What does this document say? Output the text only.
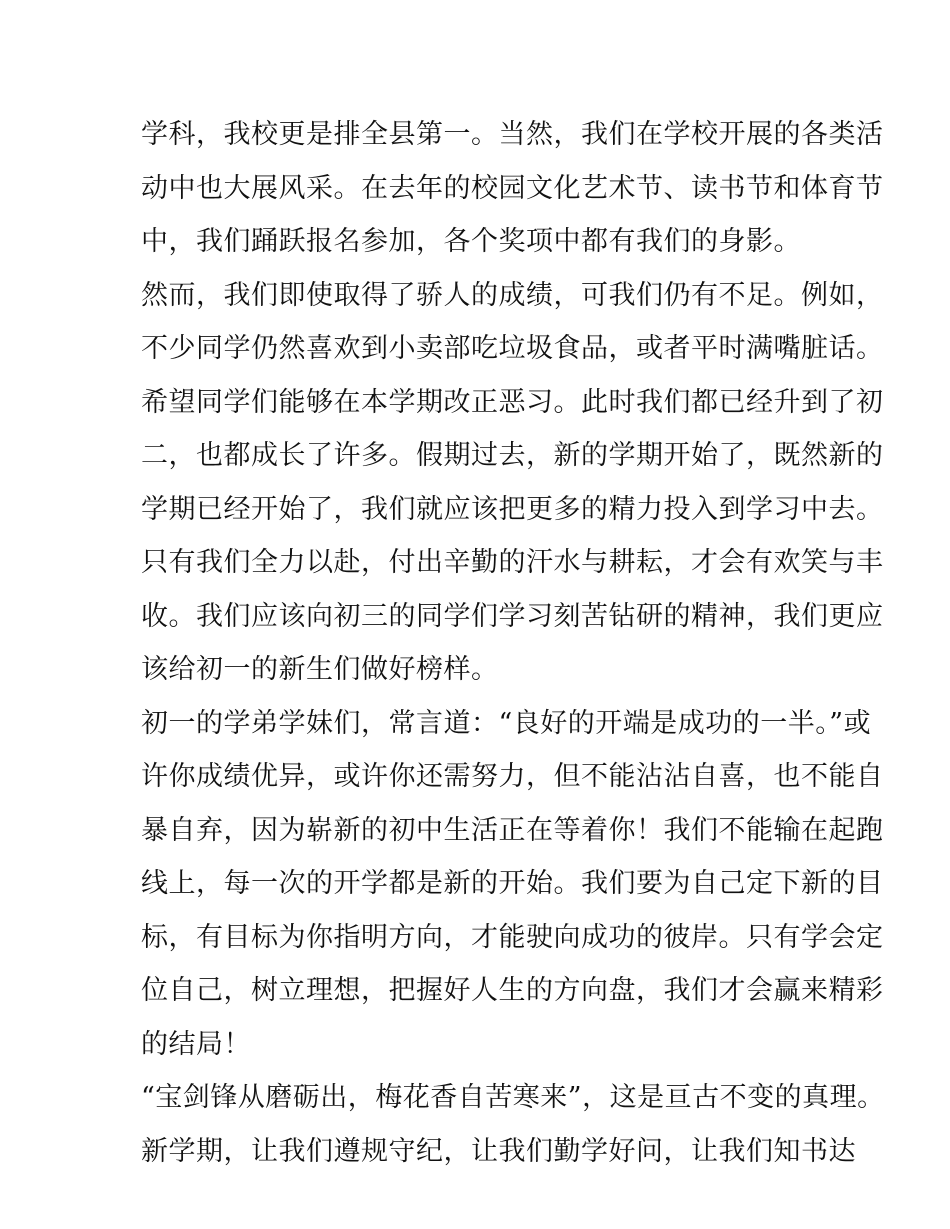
学科，我校更是排全县第一。当然，我们在学校开展的各类活
动中也大展风采。在去年的校园文化艺术节、读书节和体育节
中，我们踊跃报名参加，各个奖项中都有我们的身影。
然而，我们即使取得了骄人的成绩，可我们仍有不足。例如，
不少同学仍然喜欢到小卖部吃垃圾食品，或者平时满嘴脏话。
希望同学们能够在本学期改正恶习。此时我们都已经升到了初
二，也都成长了许多。假期过去，新的学期开始了，既然新的
学期已经开始了，我们就应该把更多的精力投入到学习中去。
只有我们全力以赴，付出辛勤的汗水与耕耘，才会有欢笑与丰
收。我们应该向初三的同学们学习刻苦钻研的精神，我们更应
该给初一的新生们做好榜样。
初一的学弟学妹们，常言道：“良好的开端是成功的一半。”或
许你成绩优异，或许你还需努力，但不能沾沾自喜，也不能自
暴自弃，因为崭新的初中生活正在等着你！我们不能输在起跑
线上，每一次的开学都是新的开始。我们要为自己定下新的目
标，有目标为你指明方向，才能驶向成功的彼岸。只有学会定
位自己，树立理想，把握好人生的方向盘，我们才会赢来精彩
的结局！
“宝剑锋从磨砺出，梅花香自苦寒来”，这是亘古不变的真理。
新学期，让我们遵规守纪，让我们勤学好问，让我们知书达
